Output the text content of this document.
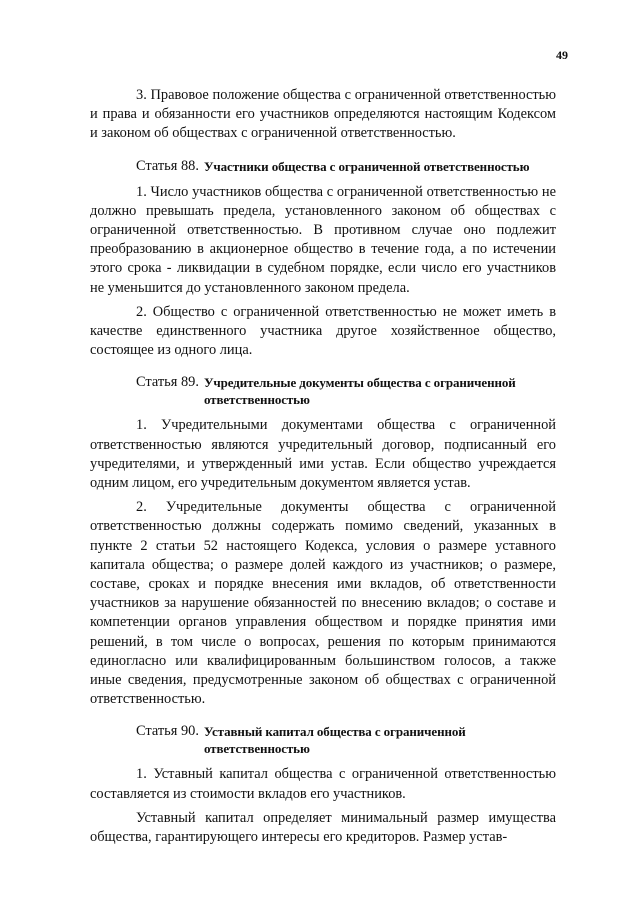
49

3. Правовое положение общества с ограниченной ответственностью и права и обязанности его участников определяются настоящим Кодексом и законом об обществах с ограниченной ответственностью.

Статья 88. Участники общества с ограниченной ответственностью

1. Число участников общества с ограниченной ответственностью не должно превышать предела, установленного законом об обществах с ограниченной ответственностью. В противном случае оно подлежит преобразованию в акционерное общество в течение года, а по истечении этого срока - ликвидации в судебном порядке, если число его участников не уменьшится до установленного законом предела.

2. Общество с ограниченной ответственностью не может иметь в качестве единственного участника другое хозяйственное общество, состоящее из одного лица.

Статья 89. Учредительные документы общества с ограниченной ответственностью

1. Учредительными документами общества с ограниченной ответственностью являются учредительный договор, подписанный его учредителями, и утвержденный ими устав. Если общество учреждается одним лицом, его учредительным документом является устав.

2. Учредительные документы общества с ограниченной ответственностью должны содержать помимо сведений, указанных в пункте 2 статьи 52 настоящего Кодекса, условия о размере уставного капитала общества; о размере долей каждого из участников; о размере, составе, сроках и порядке внесения ими вкладов, об ответственности участников за нарушение обязанностей по внесению вкладов; о составе и компетенции органов управления обществом и порядке принятия ими решений, в том числе о вопросах, решения по которым принимаются единогласно или квалифицированным большинством голосов, а также иные сведения, предусмотренные законом об обществах с ограниченной ответственностью.

Статья 90. Уставный капитал общества с ограниченной ответственностью

1. Уставный капитал общества с ограниченной ответственностью составляется из стоимости вкладов его участников.

Уставный капитал определяет минимальный размер имущества общества, гарантирующего интересы его кредиторов. Размер устав-
